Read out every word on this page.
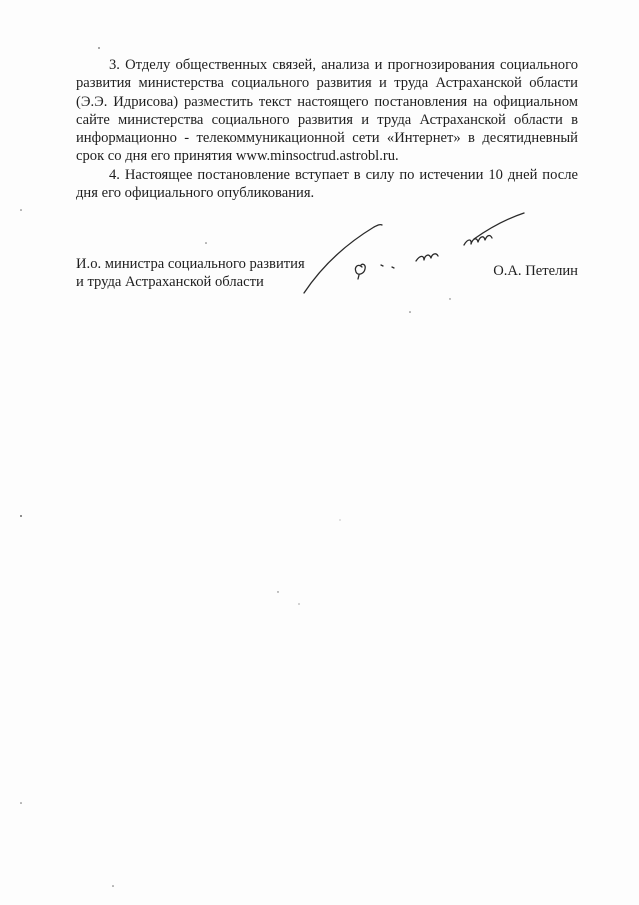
3. Отделу общественных связей, анализа и прогнозирования социального развития министерства социального развития и труда Астраханской области (Э.Э. Идрисова) разместить текст настоящего постановления на официальном сайте министерства социального развития и труда Астраханской области в информационно - телекоммуникационной сети «Интернет» в десятидневный срок со дня его принятия www.minsoctrud.astrobl.ru.

4. Настоящее постановление вступает в силу по истечении 10 дней после дня его официального опубликования.

И.о. министра социального развития
и труда Астраханской области
О.А. Петелин
